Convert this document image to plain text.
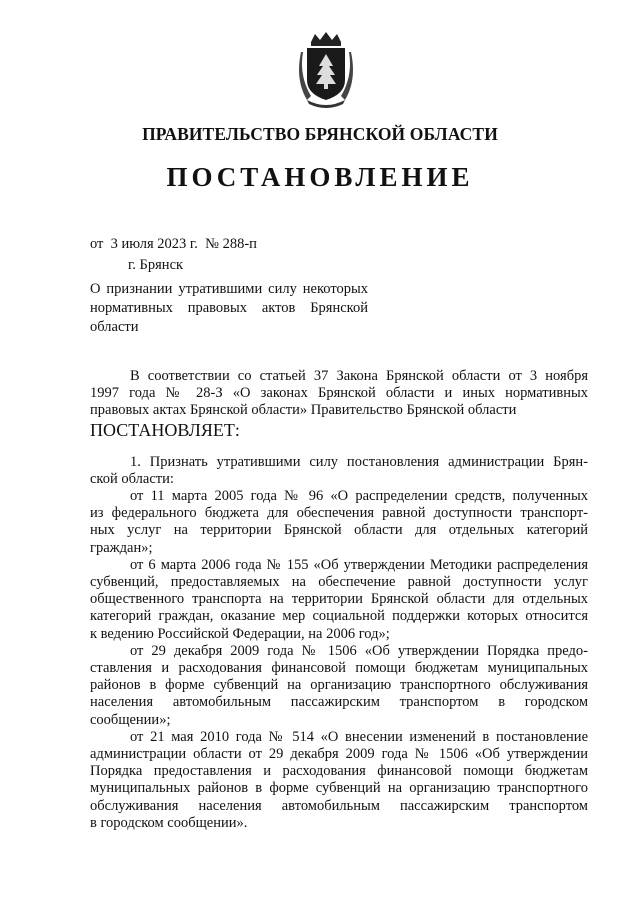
ПРАВИТЕЛЬСТВО БРЯНСКОЙ ОБЛАСТИ
ПОСТАНОВЛЕНИЕ
от 3 июля 2023 г. № 288-п
г. Брянск
О признании утратившими силу некоторых
нормативных правовых актов Брянской
области
В соответствии со статьей 37 Закона Брянской области от 3 ноября
1997 года № 28-З «О законах Брянской области и иных нормативных
правовых актах Брянской области» Правительство Брянской области
ПОСТАНОВЛЯЕТ:
1. Признать утратившими силу постановления администрации Брян-
ской области:
от 11 марта 2005 года № 96 «О распределении средств, полученных
из федерального бюджета для обеспечения равной доступности транспорт-
ных услуг на территории Брянской области для отдельных категорий
граждан»;
от 6 марта 2006 года № 155 «Об утверждении Методики распределения
субвенций, предоставляемых на обеспечение равной доступности услуг
общественного транспорта на территории Брянской области для отдельных
категорий граждан, оказание мер социальной поддержки которых относится
к ведению Российской Федерации, на 2006 год»;
от 29 декабря 2009 года № 1506 «Об утверждении Порядка предо-
ставления и расходования финансовой помощи бюджетам муниципальных
районов в форме субвенций на организацию транспортного обслуживания
населения автомобильным пассажирским транспортом в городском
сообщении»;
от 21 мая 2010 года № 514 «О внесении изменений в постановление
администрации области от 29 декабря 2009 года № 1506 «Об утверждении
Порядка предоставления и расходования финансовой помощи бюджетам
муниципальных районов в форме субвенций на организацию транспортного
обслуживания населения автомобильным пассажирским транспортом
в городском сообщении».
